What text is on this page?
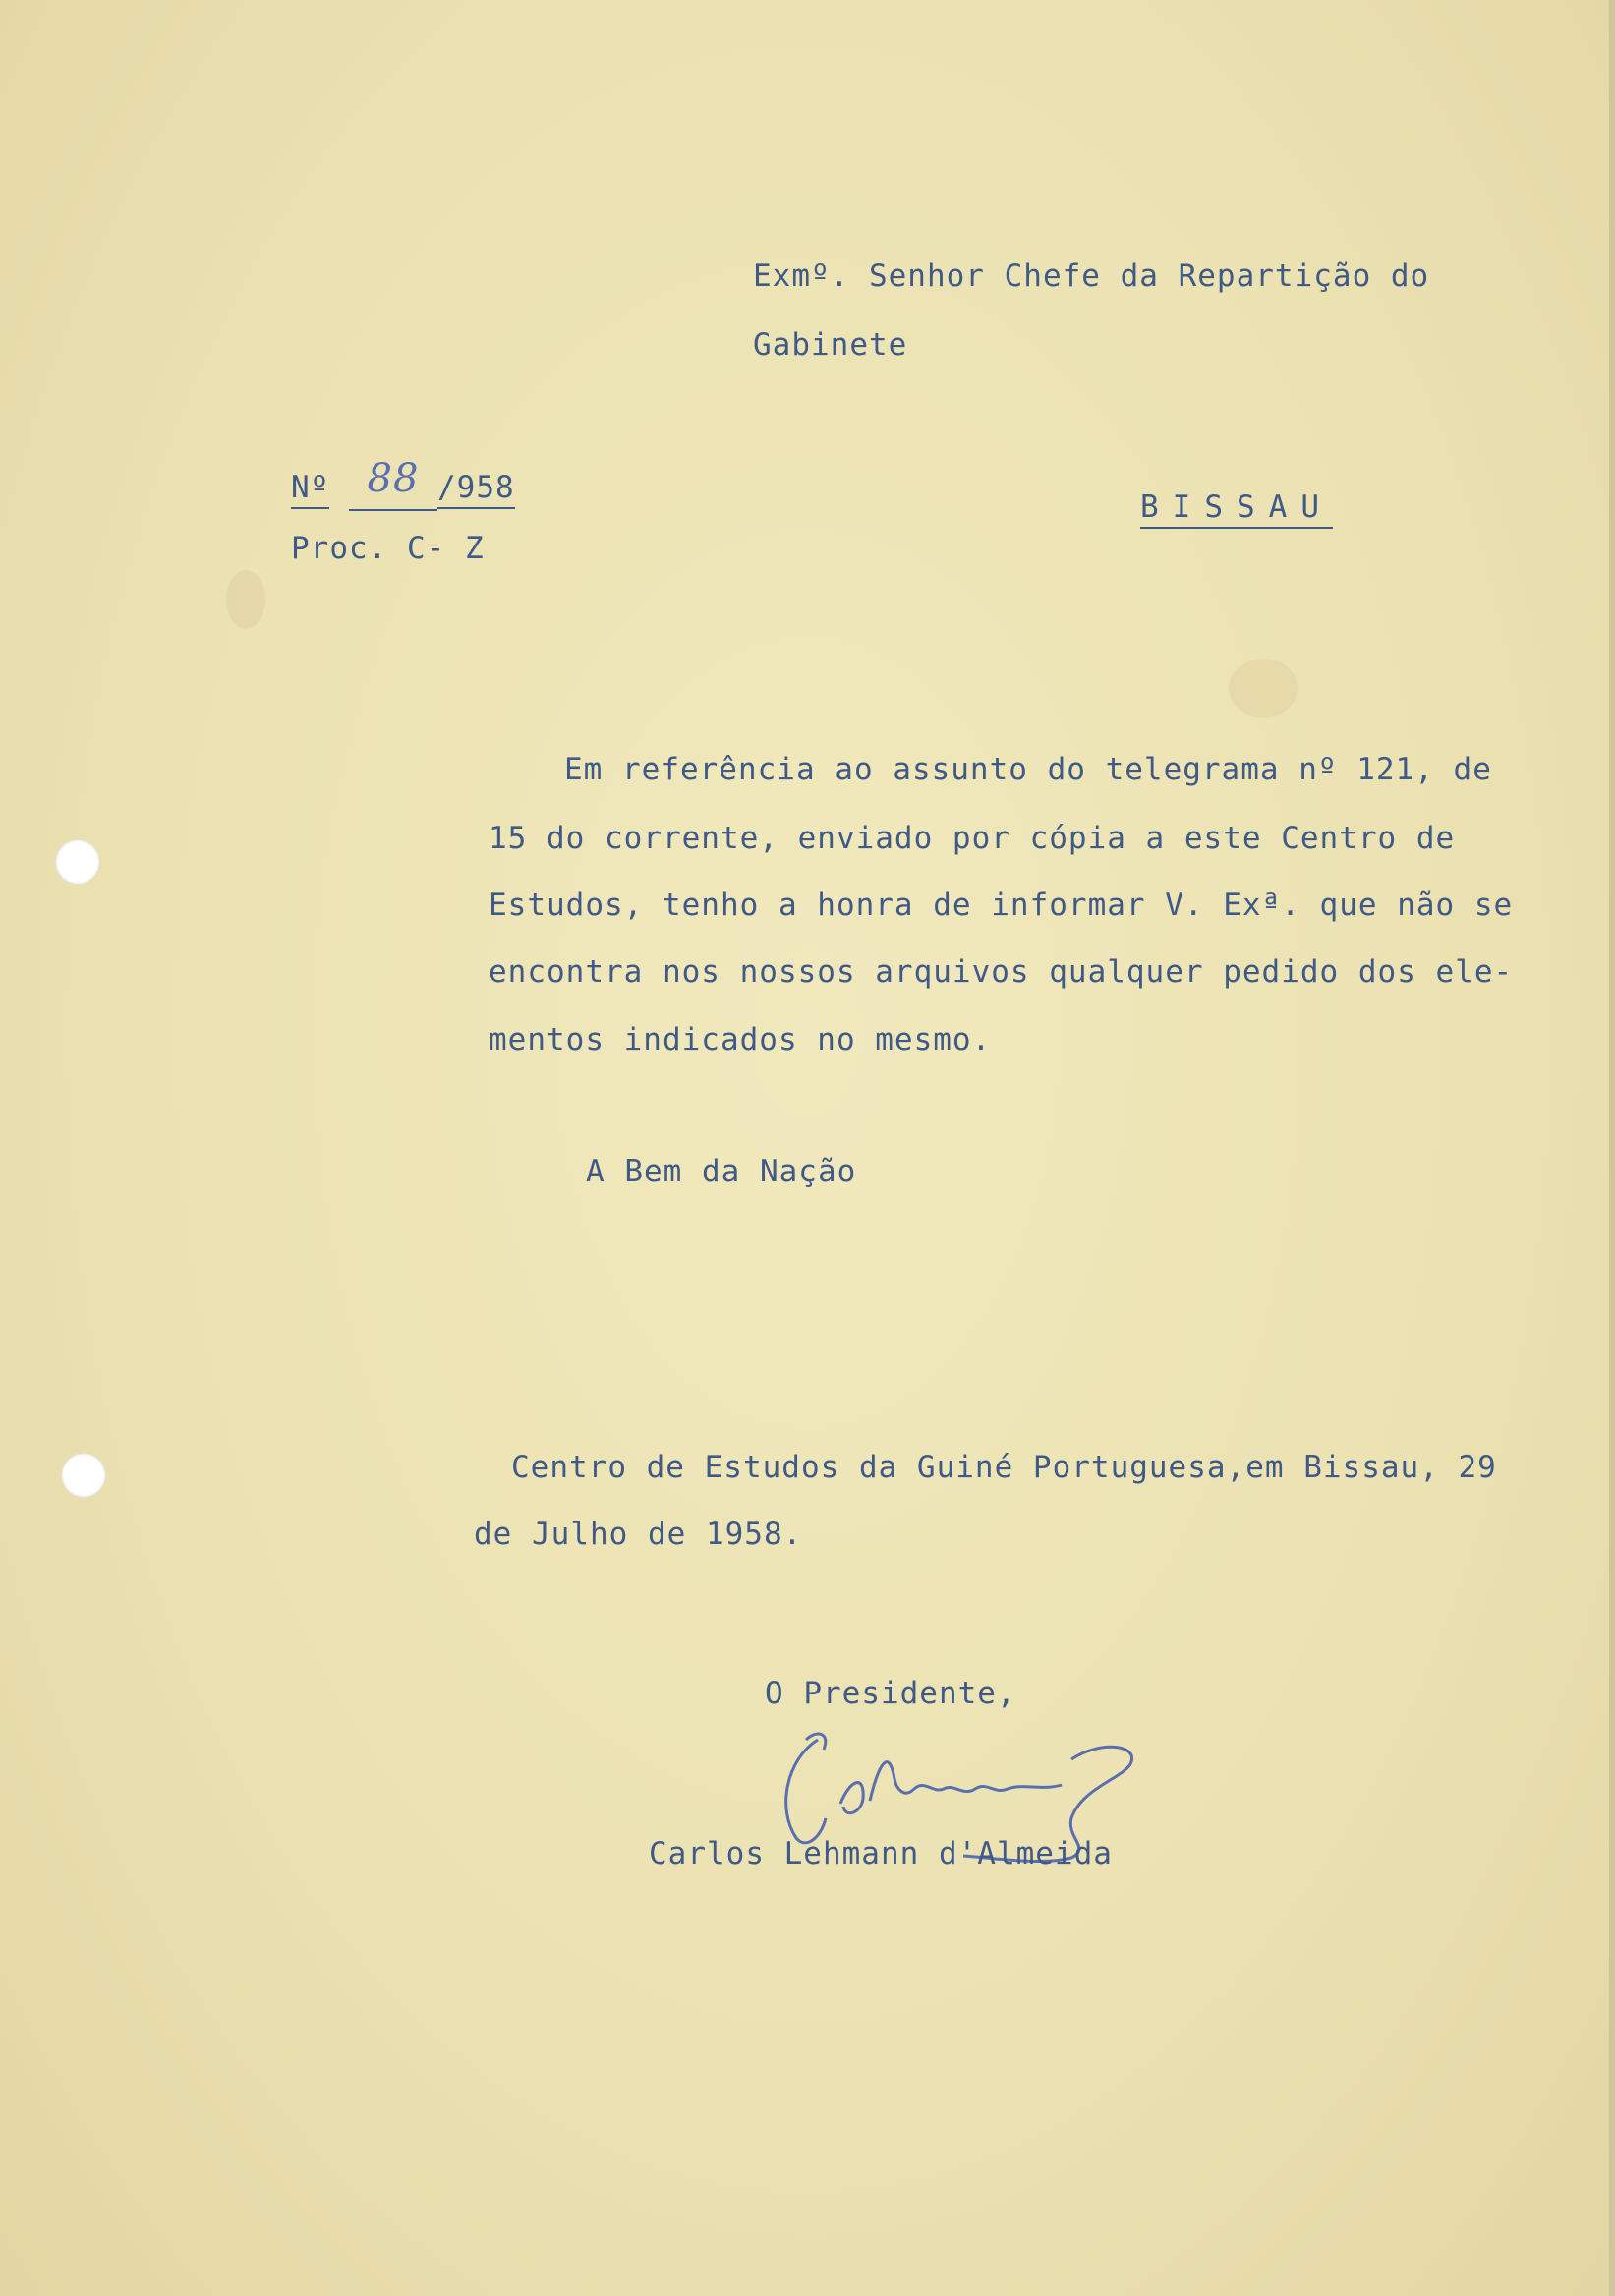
Exmº. Senhor Chefe da Repartição do
Gabinete
Nº 88 /958
Proc. C- Z
BISSAU
Em referência ao assunto do telegrama nº 121, de
15 do corrente, enviado por cópia a este Centro de
Estudos, tenho a honra de informar V. Exª. que não se
encontra nos nossos arquivos qualquer pedido dos ele-
mentos indicados no mesmo.
A Bem da Nação
Centro de Estudos da Guiné Portuguesa,em Bissau, 29
de Julho de 1958.
O Presidente,
Carlos Lehmann d'Almeida
